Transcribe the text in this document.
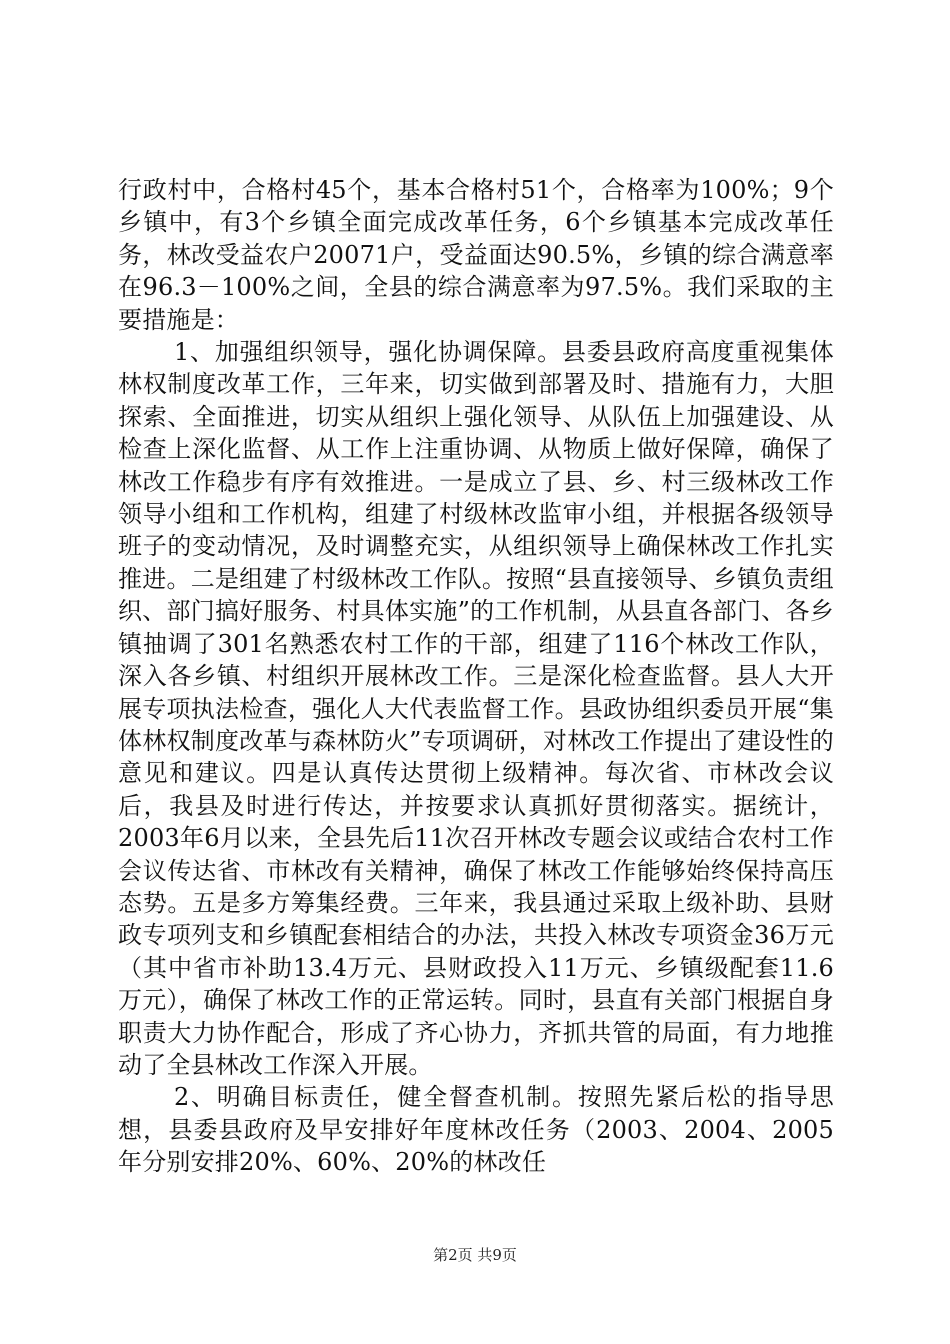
行政村中，合格村45个，基本合格村51个，合格率为100%；9个乡镇中，有3个乡镇全面完成改革任务，6个乡镇基本完成改革任务，林改受益农户20071户，受益面达90.5%，乡镇的综合满意率在96.3－100%之间，全县的综合满意率为97.5%。我们采取的主要措施是：

1、加强组织领导，强化协调保障。县委县政府高度重视集体林权制度改革工作，三年来，切实做到部署及时、措施有力，大胆探索、全面推进，切实从组织上强化领导、从队伍上加强建设、从检查上深化监督、从工作上注重协调、从物质上做好保障，确保了林改工作稳步有序有效推进。一是成立了县、乡、村三级林改工作领导小组和工作机构，组建了村级林改监审小组，并根据各级领导班子的变动情况，及时调整充实，从组织领导上确保林改工作扎实推进。二是组建了村级林改工作队。按照“县直接领导、乡镇负责组织、部门搞好服务、村具体实施”的工作机制，从县直各部门、各乡镇抽调了301名熟悉农村工作的干部，组建了116个林改工作队，深入各乡镇、村组织开展林改工作。三是深化检查监督。县人大开展专项执法检查，强化人大代表监督工作。县政协组织委员开展“集体林权制度改革与森林防火”专项调研，对林改工作提出了建设性的意见和建议。四是认真传达贯彻上级精神。每次省、市林改会议后，我县及时进行传达，并按要求认真抓好贯彻落实。据统计，2003年6月以来，全县先后11次召开林改专题会议或结合农村工作会议传达省、市林改有关精神，确保了林改工作能够始终保持高压态势。五是多方筹集经费。三年来，我县通过采取上级补助、县财政专项列支和乡镇配套相结合的办法，共投入林改专项资金36万元（其中省市补助13.4万元、县财政投入11万元、乡镇级配套11.6万元），确保了林改工作的正常运转。同时，县直有关部门根据自身职责大力协作配合，形成了齐心协力，齐抓共管的局面，有力地推动了全县林改工作深入开展。

2、明确目标责任，健全督查机制。按照先紧后松的指导思想，县委县政府及早安排好年度林改任务（2003、2004、2005年分别安排20%、60%、20%的林改任

第2页 共9页
